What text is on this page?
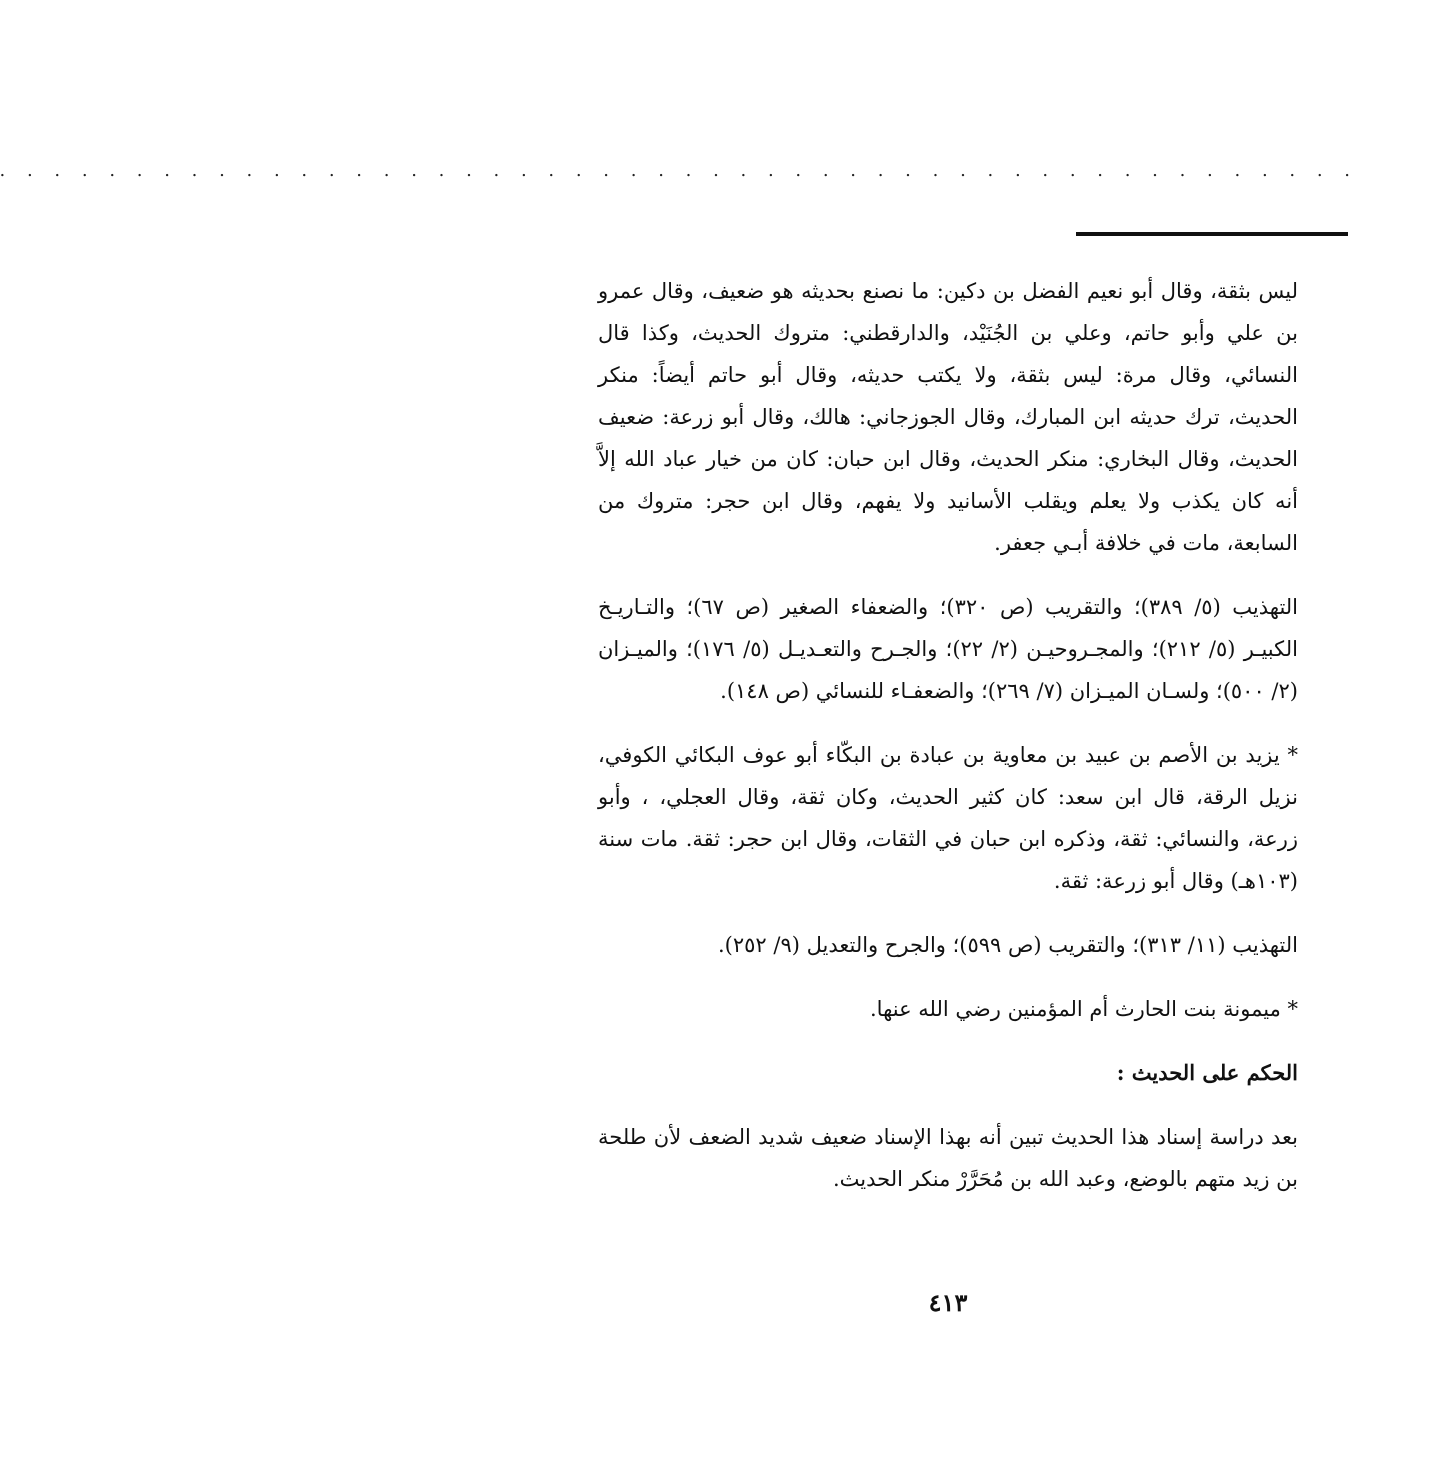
. . . . . . . . . . . . . . . . . . . . . . . . . . . . . . . . . . . . . . . . . . . . . . . . . .

ليس بثقة، وقال أبو نعيم الفضل بن دكين: ما نصنع بحديثه هو ضعيف، وقال عمرو بن علي وأبو حاتم، وعلي بن الجُنَيْد، والدارقطني: متروك الحديث، وكذا قال النسائي، وقال مرة: ليس بثقة، ولا يكتب حديثه، وقال أبو حاتم أيضاً: منكر الحديث، ترك حديثه ابن المبارك، وقال الجوزجاني: هالك، وقال أبو زرعة: ضعيف الحديث، وقال البخاري: منكر الحديث، وقال ابن حبان: كان من خيار عباد الله إلاَّ أنه كان يكذب ولا يعلم ويقلب الأسانيد ولا يفهم، وقال ابن حجر: متروك من السابعة، مات في خلافة أبـي جعفر.

التهذيب (٥/ ٣٨٩)؛ والتقريب (ص ٣٢٠)؛ والضعفاء الصغير (ص ٦٧)؛ والتـاريـخ الكبيـر (٥/ ٢١٢)؛ والمجـروحيـن (٢/ ٢٢)؛ والجـرح والتعـديـل (٥/ ١٧٦)؛ والميـزان (٢/ ٥٠٠)؛ ولسـان الميـزان (٧/ ٢٦٩)؛ والضعفـاء للنسائي (ص ١٤٨).

* يزيد بن الأصم بن عبيد بن معاوية بن عبادة بن البكّاء أبو عوف البكائي الكوفي، نزيل الرقة، قال ابن سعد: كان كثير الحديث، وكان ثقة، وقال العجلي، ، وأبو زرعة، والنسائي: ثقة، وذكره ابن حبان في الثقات، وقال ابن حجر: ثقة. مات سنة (١٠٣هـ) وقال أبو زرعة: ثقة.

التهذيب (١١/ ٣١٣)؛ والتقريب (ص ٥٩٩)؛ والجرح والتعديل (٩/ ٢٥٢).

* ميمونة بنت الحارث أم المؤمنين رضي الله عنها.

الحكم على الحديث :

بعد دراسة إسناد هذا الحديث تبين أنه بهذا الإسناد ضعيف شديد الضعف لأن طلحة بن زيد متهم بالوضع، وعبد الله بن مُحَرَّرْ منكر الحديث.

٤١٣
